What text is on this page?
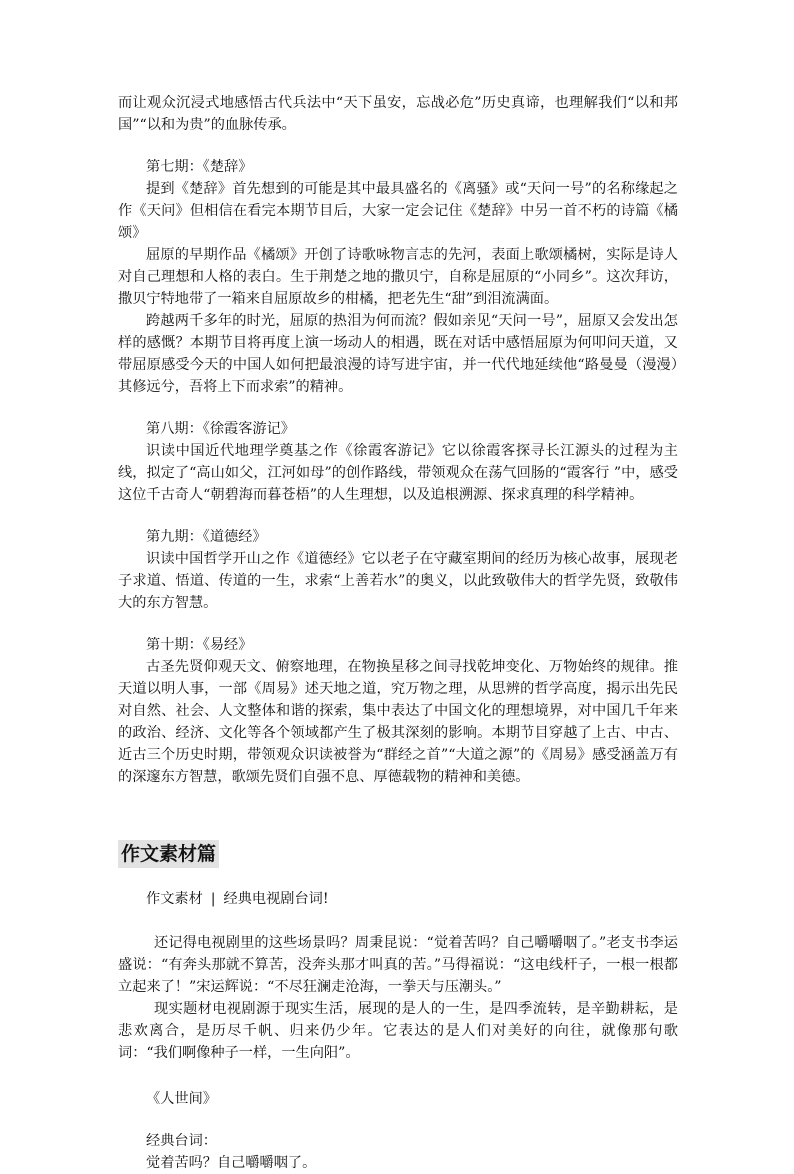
而让观众沉浸式地感悟古代兵法中“天下虽安，忘战必危”历史真谛，也理解我们“以和邦国”“以和为贵”的血脉传承。

第七期：《楚辞》

提到《楚辞》首先想到的可能是其中最具盛名的《离骚》或“天问一号”的名称缘起之作《天问》但相信在看完本期节目后，大家一定会记住《楚辞》中另一首不朽的诗篇《橘颂》

屈原的早期作品《橘颂》开创了诗歌咏物言志的先河，表面上歌颂橘树，实际是诗人对自己理想和人格的表白。生于荆楚之地的撒贝宁，自称是屈原的“小同乡”。这次拜访，撒贝宁特地带了一箱来自屈原故乡的柑橘，把老先生“甜”到泪流满面。

跨越两千多年的时光，屈原的热泪为何而流？假如亲见“天问一号”，屈原又会发出怎样的感慨？本期节目将再度上演一场动人的相遇，既在对话中感悟屈原为何叩问天道，又带屈原感受今天的中国人如何把最浪漫的诗写进宇宙，并一代代地延续他“路曼曼（漫漫）其修远兮，吾将上下而求索”的精神。

第八期：《徐霞客游记》

识读中国近代地理学奠基之作《徐霞客游记》它以徐霞客探寻长江源头的过程为主线，拟定了“高山如父，江河如母”的创作路线，带领观众在荡气回肠的“霞客行 ”中，感受这位千古奇人“朝碧海而暮苍梧”的人生理想，以及追根溯源、探求真理的科学精神。

第九期：《道德经》

识读中国哲学开山之作《道德经》它以老子在守藏室期间的经历为核心故事，展现老子求道、悟道、传道的一生，求索“上善若水”的奥义，以此致敬伟大的哲学先贤，致敬伟大的东方智慧。

第十期：《易经》

古圣先贤仰观天文、俯察地理，在物换星移之间寻找乾坤变化、万物始终的规律。推天道以明人事，一部《周易》述天地之道，究万物之理，从思辨的哲学高度，揭示出先民对自然、社会、人文整体和谐的探索，集中表达了中国文化的理想境界，对中国几千年来的政治、经济、文化等各个领域都产生了极其深刻的影响。本期节目穿越了上古、中古、近古三个历史时期，带领观众识读被誉为“群经之首”“大道之源”的《周易》感受涵盖万有的深邃东方智慧，歌颂先贤们自强不息、厚德载物的精神和美德。

作文素材篇

作文素材 | 经典电视剧台词!

还记得电视剧里的这些场景吗？周秉昆说：“觉着苦吗？自己嚼嚼咽了。”老支书李运盛说：“有奔头那就不算苦，没奔头那才叫真的苦。”马得福说：“这电线杆子，一根一根都立起来了！”宋运辉说：“不尽狂澜走沧海，一拳天与压潮头。”

现实题材电视剧源于现实生活，展现的是人的一生，是四季流转，是辛勤耕耘，是悲欢离合，是历尽千帆、归来仍少年。它表达的是人们对美好的向往，就像那句歌词：“我们啊像种子一样，一生向阳”。

《人世间》

经典台词：

觉着苦吗？自己嚼嚼咽了。
